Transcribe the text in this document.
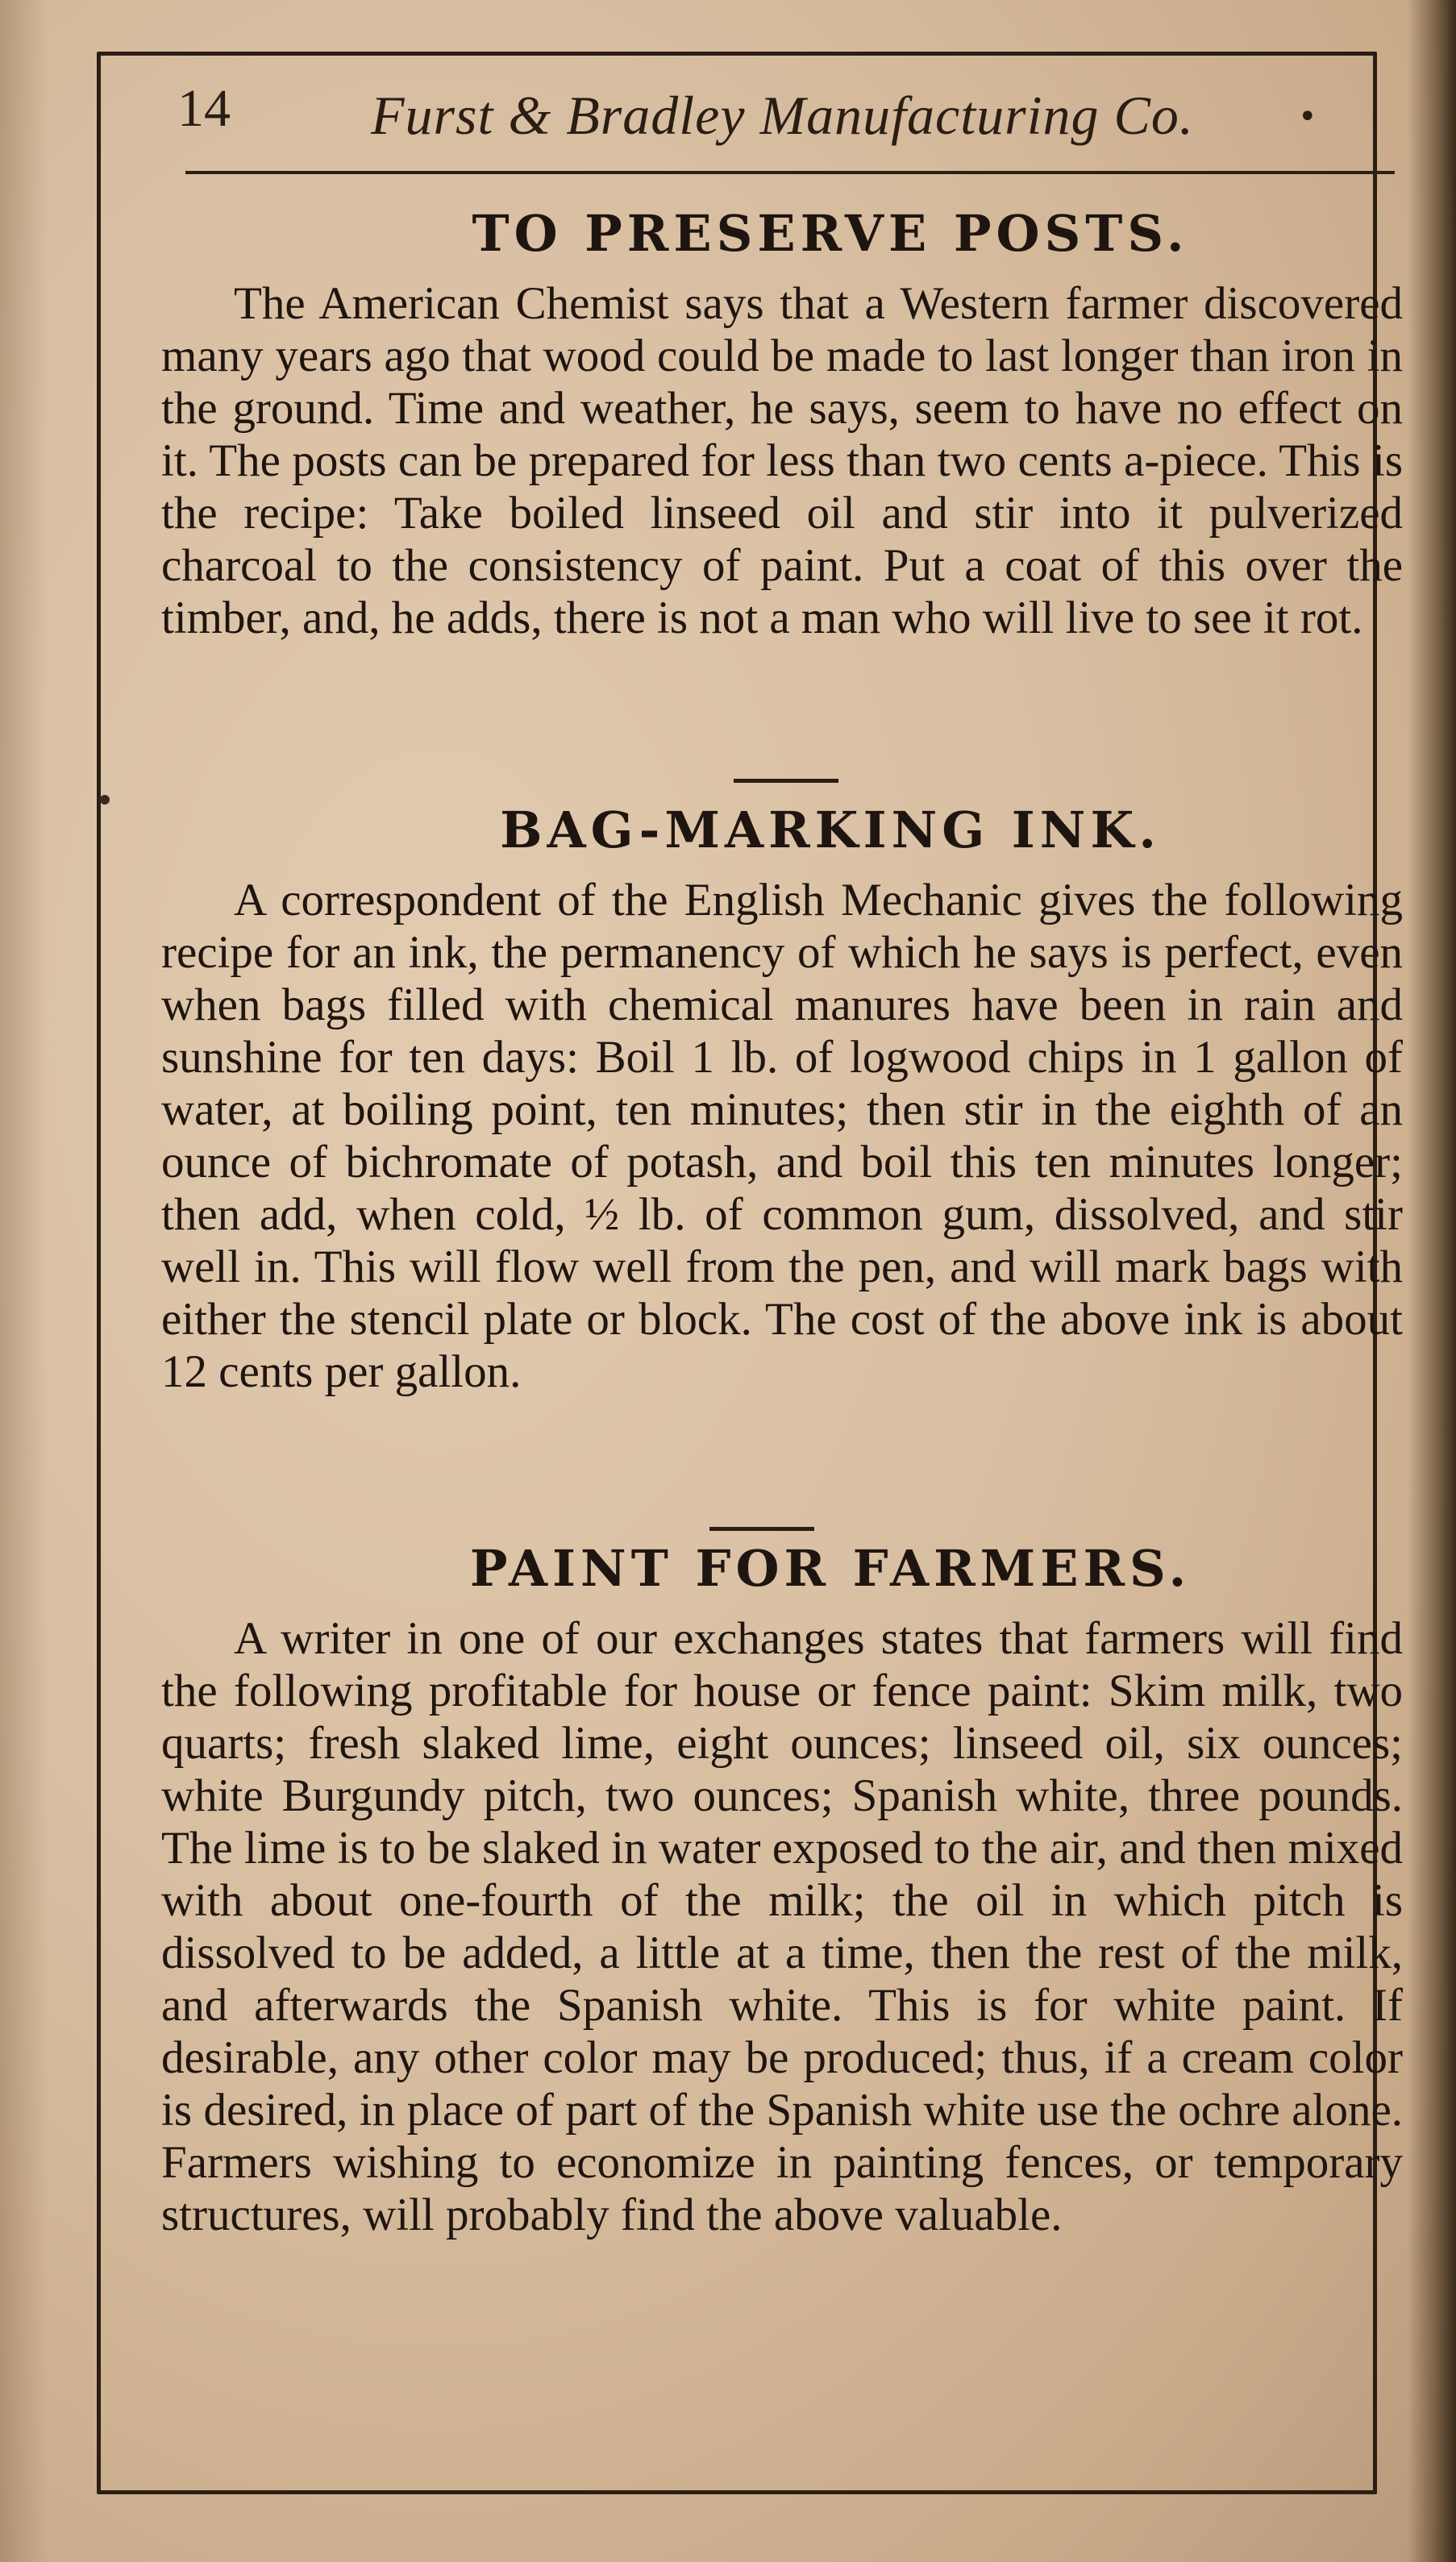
14	Furst & Bradley Manufacturing Co.	•
TO PRESERVE POSTS.

The American Chemist says that a Western farmer discovered many years ago that wood could be made to last longer than iron in the ground. Time and weather, he says, seem to have no effect on it. The posts can be prepared for less than two cents a-piece. This is the recipe: Take boiled linseed oil and stir into it pulverized charcoal to the consistency of paint. Put a coat of this over the timber, and, he adds, there is not a man who will live to see it rot.

BAG-MARKING INK.

A correspondent of the English Mechanic gives the following recipe for an ink, the permanency of which he says is perfect, even when bags filled with chemical manures have been in rain and sunshine for ten days: Boil 1 lb. of logwood chips in 1 gallon of water, at boiling point, ten minutes; then stir in the eighth of an ounce of bichromate of potash, and boil this ten minutes longer; then add, when cold, ½ lb. of common gum, dissolved, and stir well in. This will flow well from the pen, and will mark bags with either the stencil plate or block. The cost of the above ink is about 12 cents per gallon.

PAINT FOR FARMERS.

A writer in one of our exchanges states that farmers will find the following profitable for house or fence paint: Skim milk, two quarts; fresh slaked lime, eight ounces; linseed oil, six ounces; white Burgundy pitch, two ounces; Spanish white, three pounds. The lime is to be slaked in water exposed to the air, and then mixed with about one-fourth of the milk; the oil in which pitch is dissolved to be added, a little at a time, then the rest of the milk, and afterwards the Spanish white. This is for white paint. If desirable, any other color may be produced; thus, if a cream color is desired, in place of part of the Spanish white use the ochre alone. Farmers wishing to economize in painting fences, or temporary structures, will probably find the above valuable.
